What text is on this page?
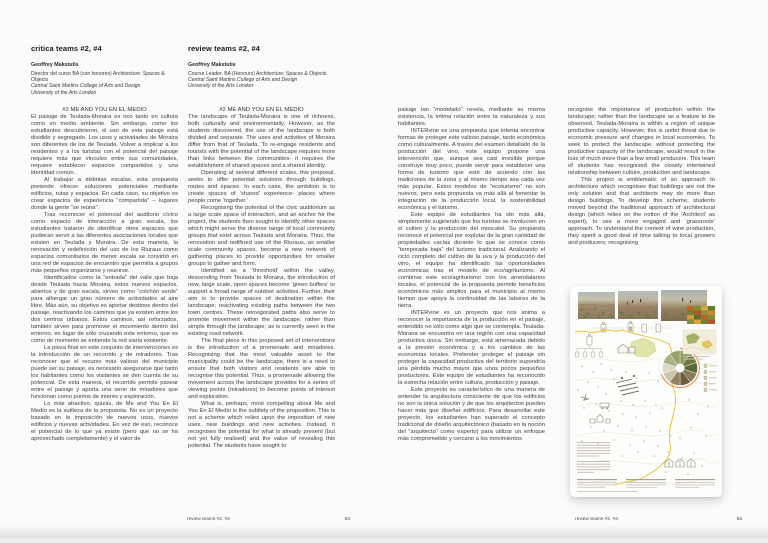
critica teams #2, #4
Geoffrey Makstutis
Director del curso BA (con honores) Architecture: Spaces & Objects
Central Saint Martins College of Arts and Design
University of the Arts London
review teams #2, #4
Geoffrey Makstutis
Course Leader, BA (Honours) Architecture: Spaces & Objects
Central Saint Martins College of Arts and Design
University of the Arts London
#2 ME AND YOU EN EL MEDIO

El paisaje de Teulada-Moraira es rico tanto en cultura como en medio ambiente. Sin embargo, como los estudiantes descubrieron, el uso de este paisaje está dividido y segregado. Los usos y actividades de Moraira son diferentes de los de Teulada. Volver a implicar a los residentes y a los turistas con el potencial del paisaje requiere más que vínculos entre sus comunidades, requiere establecer espacios compartidos y una identidad común.

Al trabajar a distintas escalas, esta propuesta pretende ofrecer soluciones potenciales mediante edificios, rutas y espacios. En cada caso, su objetivo es crear espacios de experiencia “compartida” – lugares donde la gente “se reúna”.

Tras reconocer el potencial del auditorio cívico como espacio de interacción a gran escala, los estudiantes trataron de identificar otros espacios que pudieran servir a las diferentes asociaciones locales que existen en Teulada y Moraira. De esta manera, la renovación y redefinición del uso de los Riuraus como espacios comunitarios de menor escala se convirtió en una red de espacios de encuentro que permitía a grupos más pequeños organizarse y reunirse.

Identificados como la “entrada” del valle que baja desde Teulada hacia Moraira, estos nuevos espacios, abiertos y de gran escala, sirven como “colchón verde” para albergar un gran número de actividades al aire libre. Más aún, su objetivo es aportar destinos dentro del paisaje, reactivando los caminos que ya existen entre los dos centros urbanos. Estos caminos, así reforzados, también sirven para promover el movimiento dentro del entorno, en lugar de sólo cruzando este entorno, que es como de momento se entiende la red viaria existente.

La pieza final en este conjunto de intervenciones es la introducción de un recorrido y de miradores. Tras reconocer que el recurso más valioso del municipio puede ser su paisaje, es necesario asegurarse que tanto los habitantes como los visitantes se den cuenta de su potencial. De esta manera, el recorrido permite pasear entre el paisaje y aporta una serie de miradores que funcionan como puntos de interés y exploración.

Lo más atractivo, quizás, de Me and You En El Medio es la sutileza de la propuesta. No es un proyecto basado en la imposición de nuevos usos, nuevos edificios y nuevas actividades. En vez de eso, reconoce el potencial de lo que ya existe (pero que no se ha aprovechado completamente) y el valor de

#2 ME AND YOU EN EL MEDIO

The landscape of Teulada-Moraira is one of richness, both culturally and environmentally. However, as the students discovered, the use of the landscape is both divided and separate. The uses and activities of Moraira differ from that of Teulada. To re-engage residents and tourists with the potential of the landscape requires more than links between the communities- it requires the establishment of shared spaces and a shared identity.

Operating at several different scales, this proposal, seeks to offer potential solutions through buildings, routes and spaces. In each case, the ambition is to create spaces of ‘shared’ experience- places where people come ‘together.’

Recognising the potential of the civic auditorium as a large scale space of interaction, and an anchor for the project, the students then sought to identify other spaces which might serve the diverse range of local community groups that exist across Teulada and Moraira. Thus, the renovation and redifined use of the Riuraus, as smaller scale community spaces, become a new network of gathering places to provide opportunities for smaller groups to gather and form.

Identified as a ‘threshold’ within the valley, descending from Teulada to Moraira, the introduction of new, large scale, open spaces become ‘green buffers’ to support a broad range of outdoor activities. Further, their aim is to provide spaces of destination within the landscape; reactivating existing paths between the two town centres. These reinvigorated paths also serve to promote movement within the landscape, rather than simple through the landscape; as is currently seen in the existing road network.

The final piece in this proposed set of interventions is the introduction of a promenade and miradores. Recognising that the most valuable asset to the municipality could be the landscape, there is a need to ensure that both visitors and residents are able to recognise this potential. Thus, a promenade allowing the movement across the landscape provides for a series of viewing points (miradores) to become points of interest and exploration.

What is, perhaps, most compelling about Me and You En El Medio is the subtlety of the proposition. This is not a scheme which relies upon the imposition of new uses, new buildings and new activities. Instead, it recognises the potential for what is already present (but not yet fully realised) and the value of revealing this potential. The students have sought to

review teams #2, #4	83

paisaje tan “modelado” revela, mediante su misma existencia, la íntima relación entre la naturaleza y sus habitantes.

INTERvine es una propuesta que intenta encontrar formas de proteger este valioso paisaje, tanto económica como culturalmente. A través del examen detallado de la producción del vino, este equipo propone una intervención que, aunque sea casi invisible porque construye muy poco, puede servir para establecer una forma de turismo que esté de acuerdo con las tradiciones de la zona y al mismo tiempo sea cada vez más popular. Estos modelos de “ecoturismo” no son nuevos, pero esta propuesta va más allá al fomentar la integración de la producción local, la sostenibilidad económica y el turismo.

Este equipo de estudiantes ha ido más allá, simplemente sugiriendo que los turistas se involucren en el cultivo y la producción del moscatel. Su propuesta reconoce el potencial por explotar de la gran cantidad de propiedades vacías durante lo que se conoce como “temporada baja” del turismo tradicional. Analizando el ciclo completo del cultivo de la uva y la producción del vino, el equipo ha identificado las oportunidades económicas tras el modelo de eco/agriturismo. Al combinar este eco/agriturismo con los arrendatarios locales, el potencial de la propuesta permite beneficios económicos más amplios para el municipio al mismo tiempo que apoya la continuidad de las labores de la tierra.

INTERvine es un proyecto que nos anima a reconocer la importancia de la producción en el paisaje, entendido no sólo como algo que se contempla. Teulada-Moraira se encuentra en una región con una capacidad productiva única. Sin embargo, está amenazada debido a la presión económica y a los cambios de las economías locales. Pretender proteger el paisaje sin proteger la capacidad productiva del territorio supondría una pérdida mucho mayor que unos pocos pequeños productores. Este equipo de estudiantes ha reconocido la estrecha relación entre cultura, producción y paisaje.

Este proyecto es característico de una manera de entender la arquitectura consciente de que los edificios no son la única solución y de que los arquitectos pueden hacer más que diseñar edificios. Para desarrollar este proyecto, los estudiantes han superado el concepto tradicional de diseño arquitectónico (basado en la noción del “arquitecto” como experto) para utilizar un enfoque más comprometido y cercano a los movimientos

recognise the importance of production within the landscape; rather than the landscape as a feature to be observed. Teulada-Moraira is within a region of unique productive capacity. However, this is under threat due to economic pressure and changes in local economies. To seek to protect the landscape, without protecting the productive capacity of the landscape, would result in the loss of much more than a few small producers. This team of students has recognised the closely intertwined relationship between culture, production and landscape.

This project is emblematic of an approach to architecture which recognises that buildings are not the only solution and that architects may do more than design buildings. To develop this scheme, students moved beyond the traditional approach of architectural design (which relies on the notion of the ‘Architect’ as expert), to use a more engaged and ‘grassroots’ approach. To understand the context of wine production, they spent a good deal of time talking to local growers and producers; recognising

review teams #2, #4	85
